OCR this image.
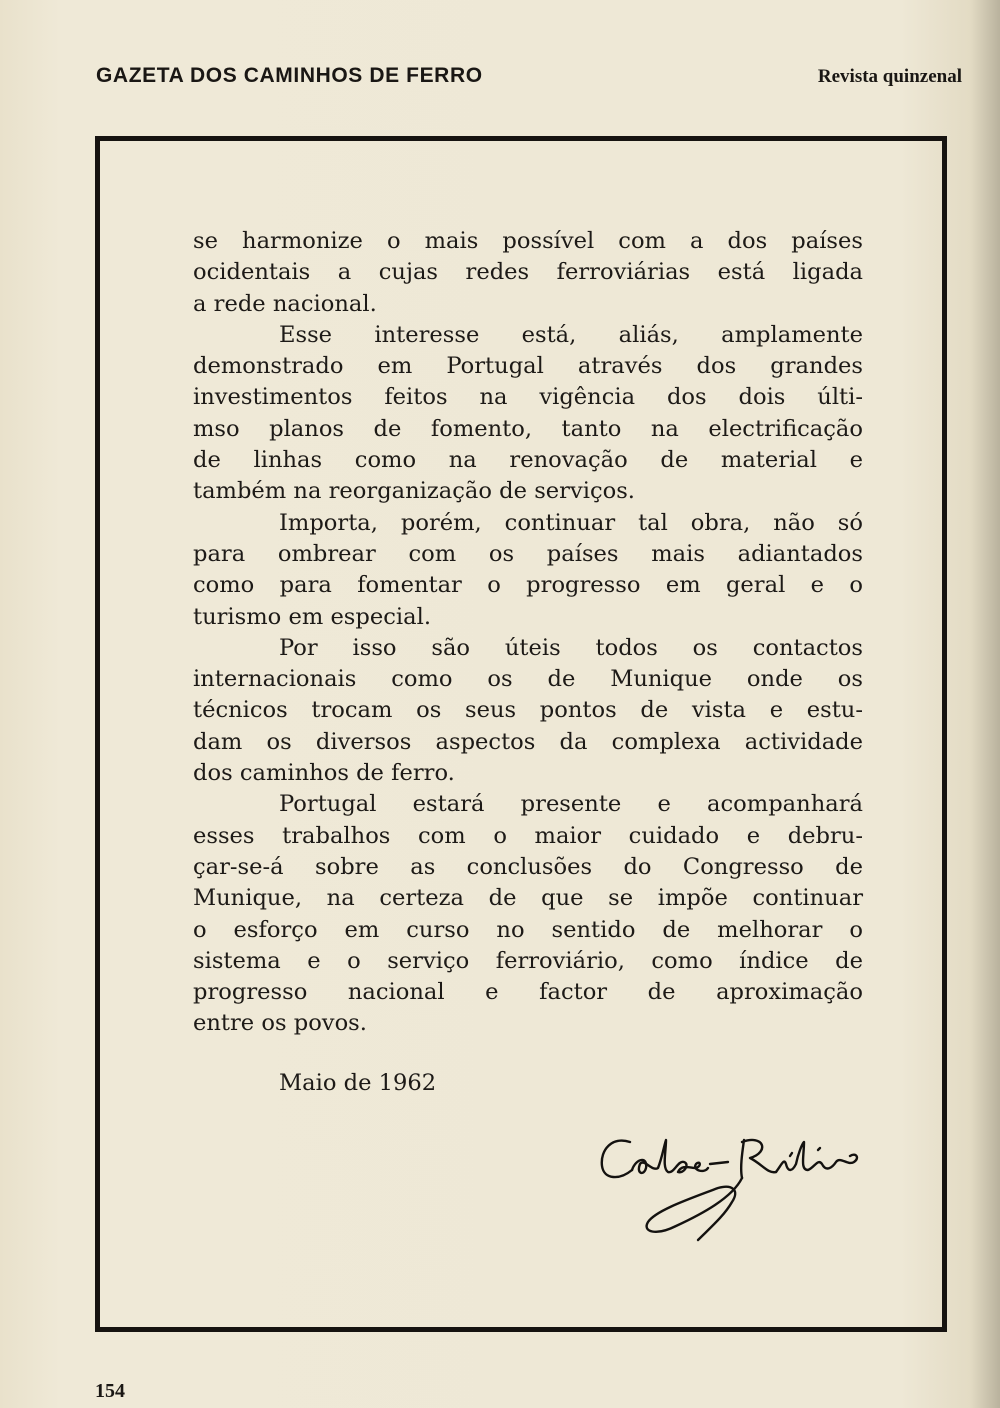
GAZETA DOS CAMINHOS DE FERRO	Revista quinzenal
se harmonize o mais possível com a dos países
ocidentais a cujas redes ferroviárias está ligada
a rede nacional.
Esse interesse está, aliás, amplamente
demonstrado em Portugal através dos grandes
investimentos feitos na vigência dos dois últi-
mso planos de fomento, tanto na electrificação
de linhas como na renovação de material e
também na reorganização de serviços.
Importa, porém, continuar tal obra, não só
para ombrear com os países mais adiantados
como para fomentar o progresso em geral e o
turismo em especial.
Por isso são úteis todos os contactos
internacionais como os de Munique onde os
técnicos trocam os seus pontos de vista e estu-
dam os diversos aspectos da complexa actividade
dos caminhos de ferro.
Portugal estará presente e acompanhará
esses trabalhos com o maior cuidado e debru-
çar-se-á sobre as conclusões do Congresso de
Munique, na certeza de que se impõe continuar
o esforço em curso no sentido de melhorar o
sistema e o serviço ferroviário, como índice de
progresso nacional e factor de aproximação
entre os povos.
Maio de 1962
154
